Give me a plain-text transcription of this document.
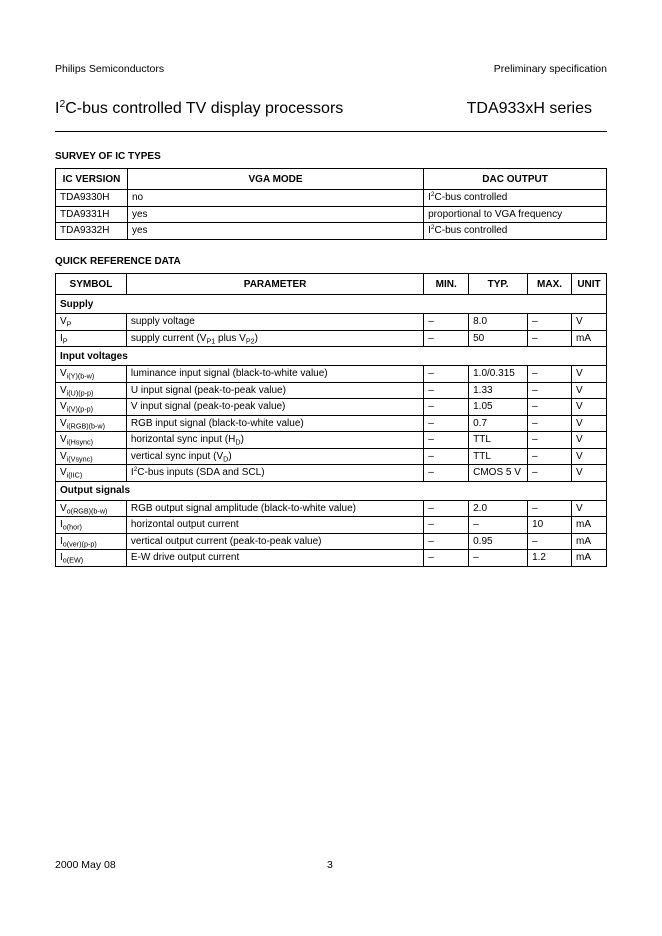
Philips Semiconductors	Preliminary specification
$I^2C$-bus controlled TV display processors	TDA933xH series
SURVEY OF IC TYPES
IC VERSION	VGA MODE	DAC OUTPUT
TDA9330H	no	$I^2C$-bus controlled
TDA9331H	yes	proportional to VGA frequency
TDA9332H	yes	$I^2C$-bus controlled
QUICK REFERENCE DATA
SYMBOL	PARAMETER	MIN.	TYP.	MAX.	UNIT
Supply					
$V_P$	supply voltage	–	8.0	–	V
$I_P$	supply current ($V_{P1}$ plus $V_{P2}$)	–	50	–	mA
Input voltages					
$V_{i(Y)(b-w)}$	luminance input signal (black-to-white value)	–	1.0/0.315	–	V
$V_{i(U)(p-p)}$	U input signal (peak-to-peak value)	–	1.33	–	V
$V_{i(V)(p-p)}$	V input signal (peak-to-peak value)	–	1.05	–	V
$V_{i(RGB)(b-w)}$	RGB input signal (black-to-white value)	–	0.7	–	V
$V_{i(Hsync)}$	horizontal sync input $(H_D)$	–	TTL	–	V
$V_{i(Vsync)}$	vertical sync input $(V_D)$	–	TTL	–	V
$V_{i(IIC)}$	$I^2C$-bus inputs (SDA and SCL)	–	CMOS 5 V	–	V
Output signals					
$V_{o(RGB)(b-w)}$	RGB output signal amplitude (black-to-white value)	–	2.0	–	V
$I_{o(hor)}$	horizontal output current	–	–	10	mA
$I_{o(ver)(p-p)}$	vertical output current (peak-to-peak value)	–	0.95	–	mA
$I_{o(EW)}$	E-W drive output current	–	–	1.2	mA
2000 May 08	3
